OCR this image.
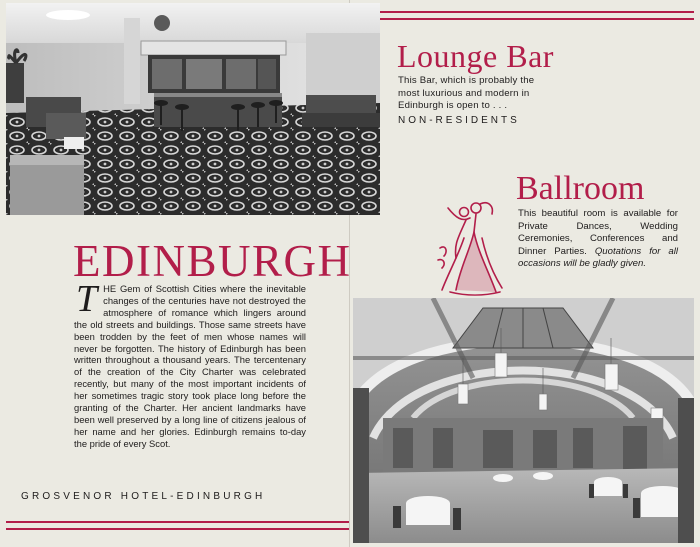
Lounge Bar
This Bar, which is probably the
most luxurious and modern in
Edinburgh is open to . . .
NON-RESIDENTS
Ballroom
This beautiful room is available for Private Dances, Wedding Ceremonies, Conferences and Dinner Parties. Quotations for all occasions will be gladly given.
EDINBURGH
T HE Gem of Scottish Cities where the inevitable changes of the centuries have not destroyed the atmosphere of romance which lingers around the old streets and buildings. Those same streets have been trodden by the feet of men whose names will never be forgotten. The history of Edinburgh has been written throughout a thousand years. The tercentenary of the creation of the City Charter was celebrated recently, but many of the most important incidents of her sometimes tragic story took place long before the granting of the Charter. Her ancient landmarks have been well preserved by a long line of citizens jealous of her name and her glories. Edinburgh remains to-day the pride of every Scot.
GROSVENOR HOTEL-EDINBURGH
